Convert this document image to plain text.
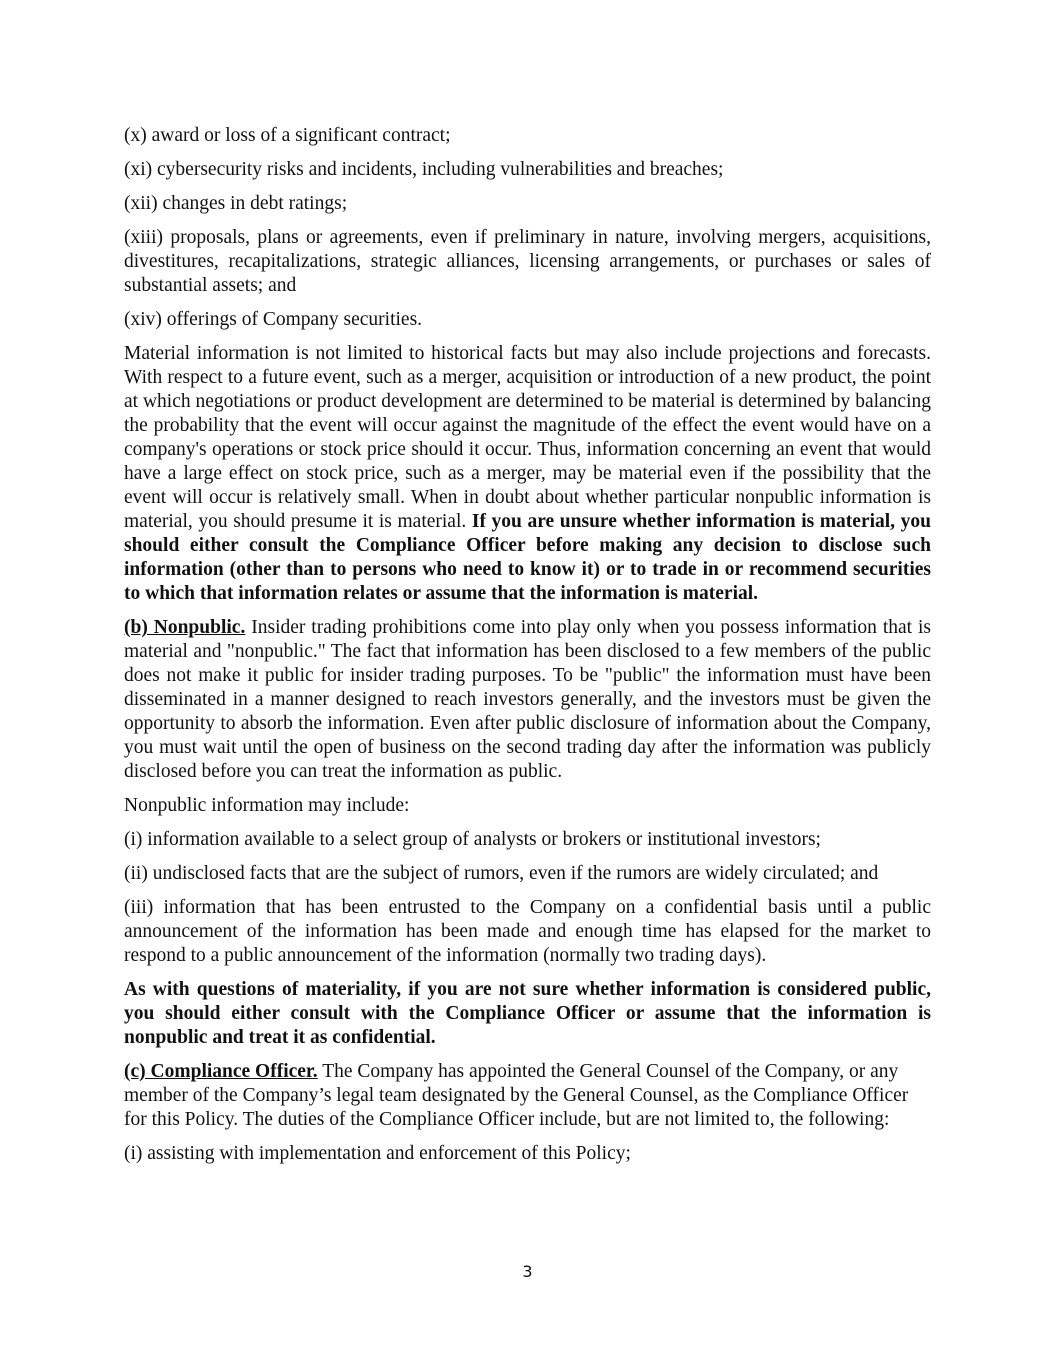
(x) award or loss of a significant contract;

(xi) cybersecurity risks and incidents, including vulnerabilities and breaches;

(xii) changes in debt ratings;

(xiii) proposals, plans or agreements, even if preliminary in nature, involving mergers, acquisitions, divestitures, recapitalizations, strategic alliances, licensing arrangements, or purchases or sales of substantial assets; and

(xiv) offerings of Company securities.

Material information is not limited to historical facts but may also include projections and forecasts. With respect to a future event, such as a merger, acquisition or introduction of a new product, the point at which negotiations or product development are determined to be material is determined by balancing the probability that the event will occur against the magnitude of the effect the event would have on a company's operations or stock price should it occur. Thus, information concerning an event that would have a large effect on stock price, such as a merger, may be material even if the possibility that the event will occur is relatively small. When in doubt about whether particular nonpublic information is material, you should presume it is material. If you are unsure whether information is material, you should either consult the Compliance Officer before making any decision to disclose such information (other than to persons who need to know it) or to trade in or recommend securities to which that information relates or assume that the information is material.

(b) Nonpublic. Insider trading prohibitions come into play only when you possess information that is material and "nonpublic." The fact that information has been disclosed to a few members of the public does not make it public for insider trading purposes. To be "public" the information must have been disseminated in a manner designed to reach investors generally, and the investors must be given the opportunity to absorb the information. Even after public disclosure of information about the Company, you must wait until the open of business on the second trading day after the information was publicly disclosed before you can treat the information as public.

Nonpublic information may include:

(i) information available to a select group of analysts or brokers or institutional investors;

(ii) undisclosed facts that are the subject of rumors, even if the rumors are widely circulated; and

(iii) information that has been entrusted to the Company on a confidential basis until a public announcement of the information has been made and enough time has elapsed for the market to respond to a public announcement of the information (normally two trading days).

As with questions of materiality, if you are not sure whether information is considered public, you should either consult with the Compliance Officer or assume that the information is nonpublic and treat it as confidential.

(c) Compliance Officer. The Company has appointed the General Counsel of the Company, or any member of the Company’s legal team designated by the General Counsel, as the Compliance Officer for this Policy. The duties of the Compliance Officer include, but are not limited to, the following:

(i) assisting with implementation and enforcement of this Policy;

3
